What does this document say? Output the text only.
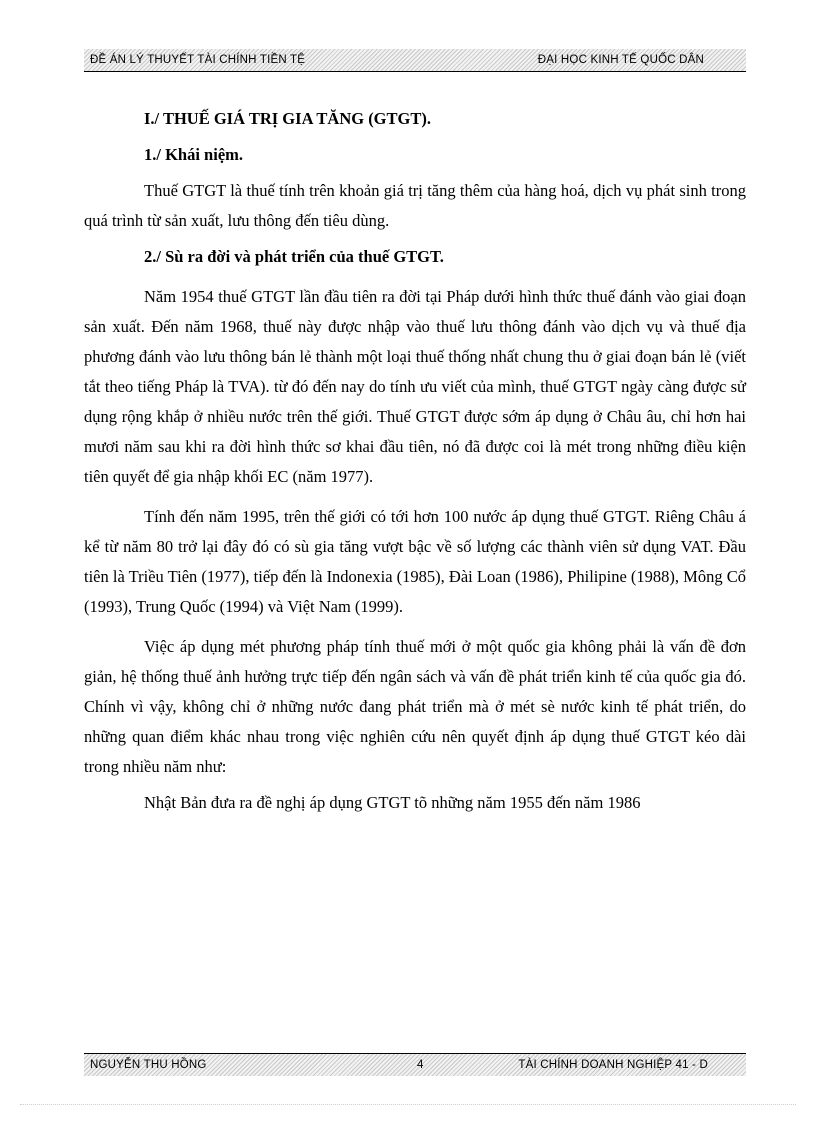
ĐỀ ÁN LÝ THUYẾT TÀI CHÍNH TIỀN TỆ	ĐẠI HỌC KINH TẾ QUỐC DÂN

I./ THUẾ GIÁ TRỊ GIA TĂNG (GTGT).

1./ Khái niệm.

Thuế GTGT là thuế tính trên khoản giá trị tăng thêm của hàng hoá, dịch vụ phát sinh trong quá trình từ sản xuất, lưu thông đến tiêu dùng.

2./ Sù ra đời và phát triển của thuế GTGT.

Năm 1954 thuế GTGT lần đầu tiên ra đời tại Pháp dưới hình thức thuế đánh vào giai đoạn sản xuất. Đến năm 1968, thuế này được nhập vào thuế lưu thông đánh vào dịch vụ và thuế địa phương đánh vào lưu thông bán lẻ thành một loại thuế thống nhất chung thu ở giai đoạn bán lẻ (viết tắt theo tiếng Pháp là TVA). từ đó đến nay do tính ưu viết của mình, thuế GTGT ngày càng được sử dụng rộng khắp ở nhiều nước trên thế giới. Thuế GTGT được sớm áp dụng ở Châu âu, chỉ hơn hai mươi năm sau khi ra đời hình thức sơ khai đầu tiên, nó đã được coi là mét trong những điều kiện tiên quyết để gia nhập khối EC (năm 1977).

Tính đến năm 1995, trên thế giới có tới hơn 100 nước áp dụng thuế GTGT. Riêng Châu á kể từ năm 80 trở lại đây đó có sù gia tăng vượt bậc về số lượng các thành viên sử dụng VAT. Đầu tiên là Triều Tiên (1977), tiếp đến là Indonexia (1985), Đài Loan (1986), Philipine (1988), Mông Cổ (1993), Trung Quốc (1994) và Việt Nam (1999).

Việc áp dụng mét phương pháp tính thuế mới ở một quốc gia không phải là vấn đề đơn giản, hệ thống thuế ảnh hưởng trực tiếp đến ngân sách và vấn đề phát triển kinh tế của quốc gia đó. Chính vì vậy, không chỉ ở những nước đang phát triển mà ở mét sè nước kinh tế phát triển, do những quan điểm khác nhau trong việc nghiên cứu nên quyết định áp dụng thuế GTGT kéo dài trong nhiều năm như:

Nhật Bản đưa ra đề nghị áp dụng GTGT tõ những năm 1955 đến năm 1986

NGUYỄN THU HỒNG	4	TÀI CHÍNH DOANH NGHIỆP 41 - D
